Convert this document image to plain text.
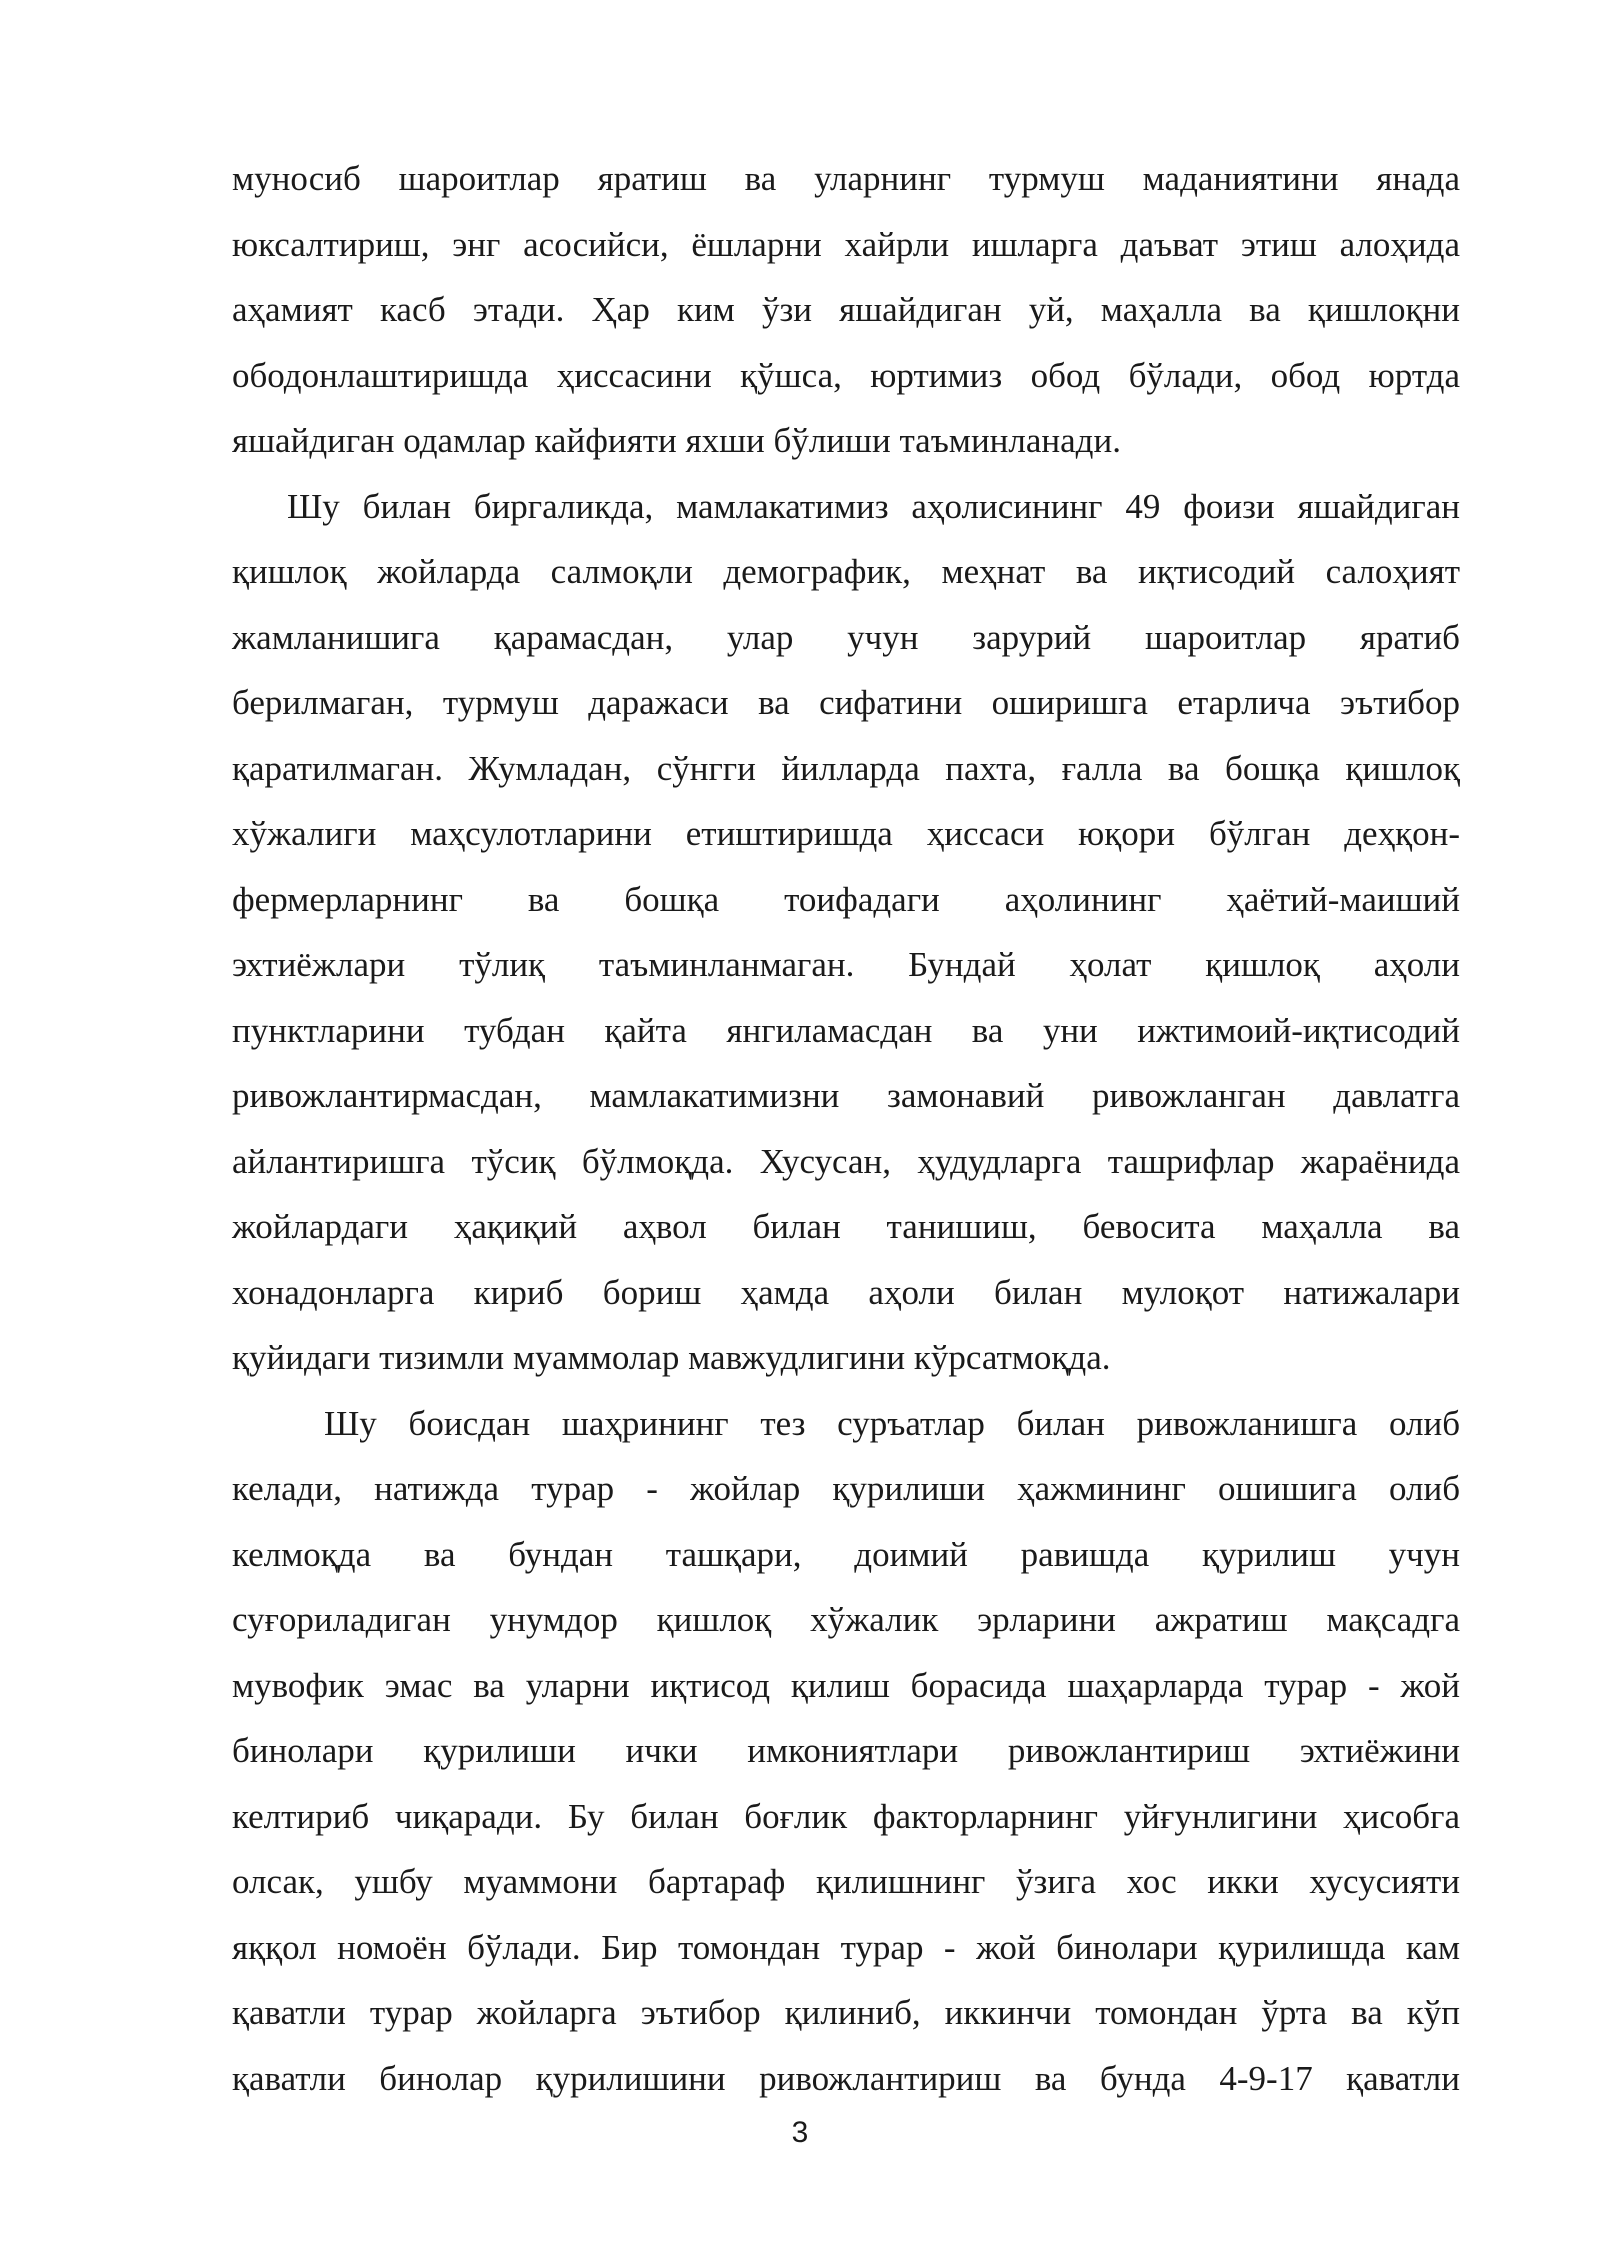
муносиб шароитлар яратиш ва уларнинг турмуш маданиятини янада
юксалтириш, энг асосийси, ёшларни хайрли ишларга даъват этиш алоҳида
аҳамият касб этади. Ҳар ким ўзи яшайдиган уй, маҳалла ва қишлоқни
ободонлаштиришда ҳиссасини қўшса, юртимиз обод бўлади, обод юртда
яшайдиган одамлар кайфияти яхши бўлиши таъминланади.
Шу билан биргаликда, мамлакатимиз аҳолисининг 49 фоизи яшайдиган
қишлоқ жойларда салмоқли демографик, меҳнат ва иқтисодий салоҳият
жамланишига қарамасдан, улар учун зарурий шароитлар яратиб
берилмаган, турмуш даражаси ва сифатини оширишга етарлича эътибор
қаратилмаган. Жумладан, сўнгги йилларда пахта, ғалла ва бошқа қишлоқ
хўжалиги маҳсулотларини етиштиришда ҳиссаси юқори бўлган деҳқон-
фермерларнинг ва бошқа тоифадаги аҳолининг ҳаётий-маиший
эхтиёжлари тўлиқ таъминланмаган. Бундай ҳолат қишлоқ аҳоли
пунктларини тубдан қайта янгиламасдан ва уни ижтимоий-иқтисодий
ривожлантирмасдан, мамлакатимизни замонавий ривожланган давлатга
айлантиришга тўсиқ бўлмоқда. Хусусан, ҳудудларга ташрифлар жараёнида
жойлардаги ҳақиқий аҳвол билан танишиш, бевосита маҳалла ва
хонадонларга кириб бориш ҳамда аҳоли билан мулоқот натижалари
қуйидаги тизимли муаммолар мавжудлигини кўрсатмоқда.
Шу боисдан шаҳрининг тез суръатлар билан ривожланишга олиб
келади, натижда турар - жойлар қурилиши ҳажмининг ошишига олиб
келмоқда ва бундан ташқари, доимий равишда қурилиш учун
суғориладиган унумдор қишлоқ хўжалик эрларини ажратиш мақсадга
мувофик эмас ва уларни иқтисод қилиш борасида шаҳарларда турар - жой
бинолари қурилиши ички имкониятлари ривожлантириш эхтиёжини
келтириб чиқаради. Бу билан боғлик факторларнинг уйғунлигини ҳисобга
олсак, ушбу муаммони бартараф қилишнинг ўзига хос икки хусусияти
яққол номоён бўлади. Бир томондан турар - жой бинолари қурилишда кам
қаватли турар жойларга эътибор қилиниб, иккинчи томондан ўрта ва кўп
қаватли бинолар қурилишини ривожлантириш ва бунда 4-9-17 қаватли
3
